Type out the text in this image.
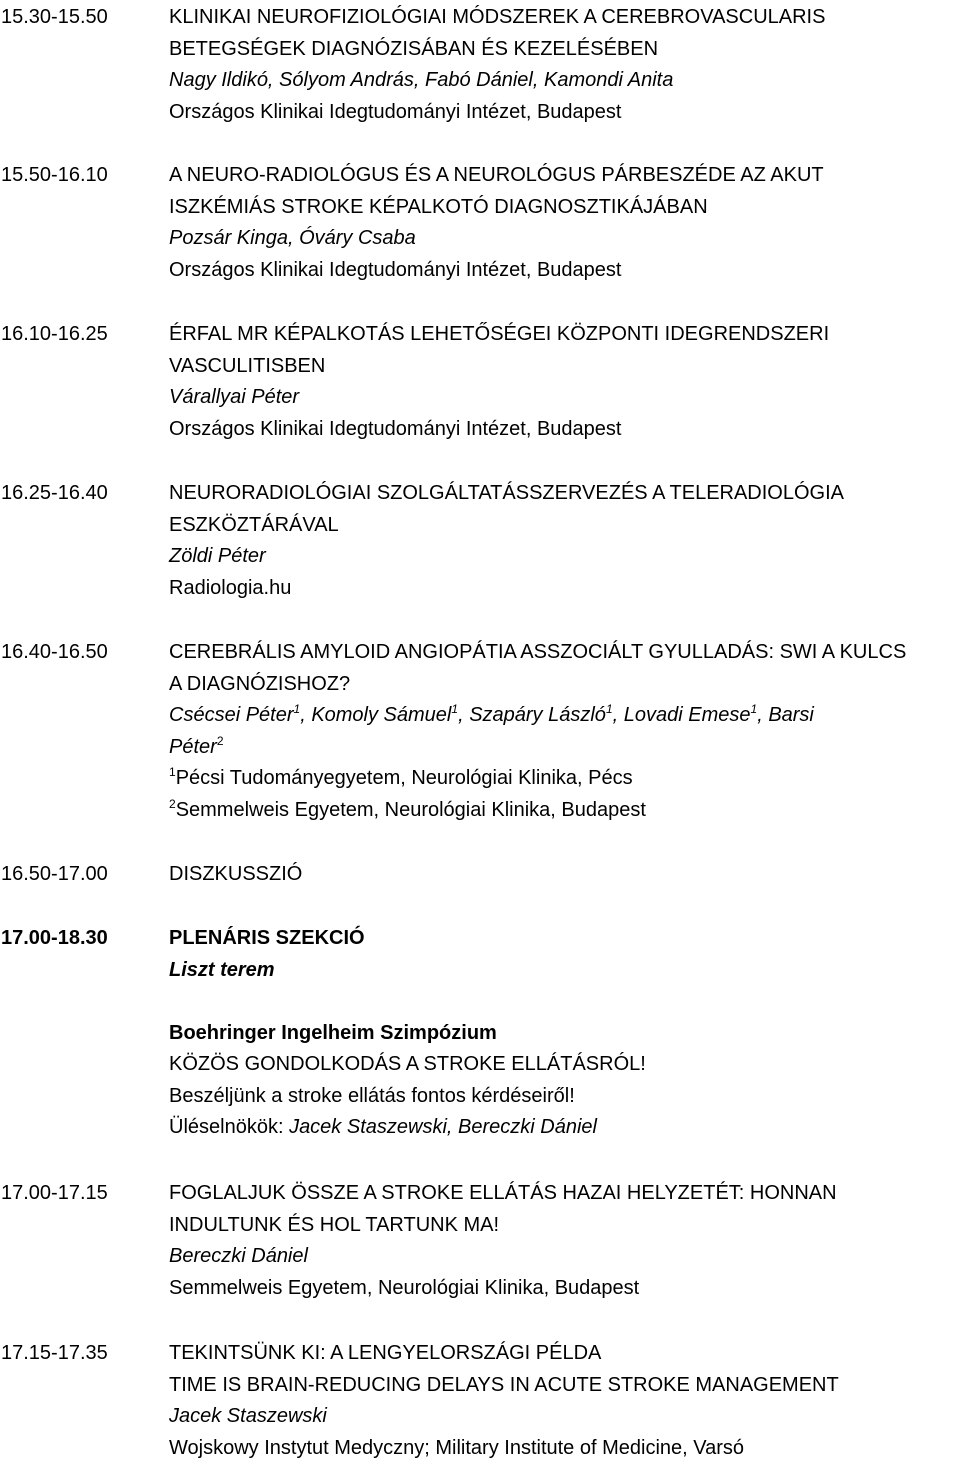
15.30-15.50	KLINIKAI NEUROFIZIOLÓGIAI MÓDSZEREK A CEREBROVASCULARIS
BETEGSÉGEK DIAGNÓZISÁBAN ÉS KEZELÉSÉBEN
Nagy Ildikó, Sólyom András, Fabó Dániel, Kamondi Anita
Országos Klinikai Idegtudományi Intézet, Budapest
15.50-16.10	A NEURO-RADIOLÓGUS ÉS A NEUROLÓGUS PÁRBESZÉDE AZ AKUT
ISZKÉMIÁS STROKE KÉPALKOTÓ DIAGNOSZTIKÁJÁBAN
Pozsár Kinga, Óváry Csaba
Országos Klinikai Idegtudományi Intézet, Budapest
16.10-16.25	ÉRFAL MR KÉPALKOTÁS LEHETŐSÉGEI KÖZPONTI IDEGRENDSZERI
VASCULITISBEN
Várallyai Péter
Országos Klinikai Idegtudományi Intézet, Budapest
16.25-16.40	NEURORADIOLÓGIAI SZOLGÁLTATÁSSZERVEZÉS A TELERADIOLÓGIA
ESZKÖZTÁRÁVAL
Zöldi Péter
Radiologia.hu
16.40-16.50	CEREBRÁLIS AMYLOID ANGIOPÁTIA ASSZOCIÁLT GYULLADÁS: SWI A KULCS
A DIAGNÓZISHOZ?
Csécsei Péter$^1$, Komoly Sámuel$^1$, Szapáry László$^1$, Lovadi Emese$^1$, Barsi
Péter$^2$
$^1$Pécsi Tudományegyetem, Neurológiai Klinika, Pécs
$^2$Semmelweis Egyetem, Neurológiai Klinika, Budapest
16.50-17.00	DISZKUSSZIÓ
17.00-18.30	PLENÁRIS SZEKCIÓ
Liszt terem
Boehringer Ingelheim Szimpózium
KÖZÖS GONDOLKODÁS A STROKE ELLÁTÁSRÓL!
Beszéljünk a stroke ellátás fontos kérdéseiről!
Üléselnökök: Jacek Staszewski, Bereczki Dániel
17.00-17.15	FOGLALJUK ÖSSZE A STROKE ELLÁTÁS HAZAI HELYZETÉT: HONNAN
INDULTUNK ÉS HOL TARTUNK MA!
Bereczki Dániel
Semmelweis Egyetem, Neurológiai Klinika, Budapest
17.15-17.35	TEKINTSÜNK KI: A LENGYELORSZÁGI PÉLDA
TIME IS BRAIN-REDUCING DELAYS IN ACUTE STROKE MANAGEMENT
Jacek Staszewski
Wojskowy Instytut Medyczny; Military Institute of Medicine, Varsó
